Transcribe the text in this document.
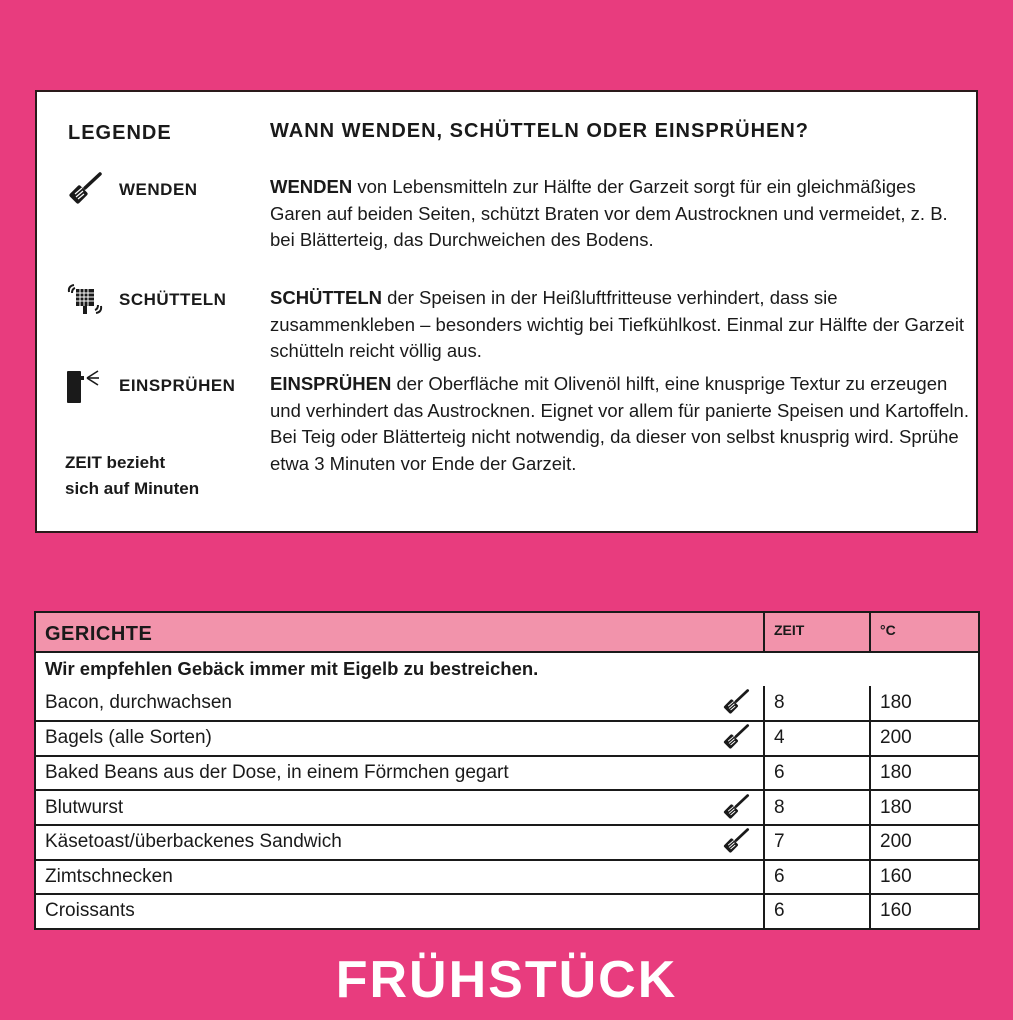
LEGENDE	WANN WENDEN, SCHÜTTELN ODER EINSPRÜHEN?
WENDEN
SCHÜTTELN
EINSPRÜHEN
ZEIT bezieht
sich auf Minuten
WENDEN von Lebensmitteln zur Hälfte der Garzeit sorgt für ein gleichmäßiges Garen auf beiden Seiten, schützt Braten vor dem Austrocknen und vermeidet, z. B. bei Blätterteig, das Durchweichen des Bodens.
SCHÜTTELN der Speisen in der Heißluftfritteuse verhindert, dass sie zusammenkleben – besonders wichtig bei Tiefkühlkost. Einmal zur Hälfte der Garzeit schütteln reicht völlig aus.
EINSPRÜHEN der Oberfläche mit Olivenöl hilft, eine knusprige Textur zu erzeugen und verhindert das Austrocknen. Eignet vor allem für panierte Speisen und Kartoffeln. Bei Teig oder Blätterteig nicht notwendig, da dieser von selbst knusprig wird. Sprühe etwa 3 Minuten vor Ende der Garzeit.
GERICHTE	ZEIT	°C
Wir empfehlen Gebäck immer mit Eigelb zu bestreichen.
Bacon, durchwachsen	8	180
Bagels (alle Sorten)	4	200
Baked Beans aus der Dose, in einem Förmchen gegart	6	180
Blutwurst	8	180
Käsetoast/überbackenes Sandwich	7	200
Zimtschnecken	6	160
Croissants	6	160
FRÜHSTÜCK
